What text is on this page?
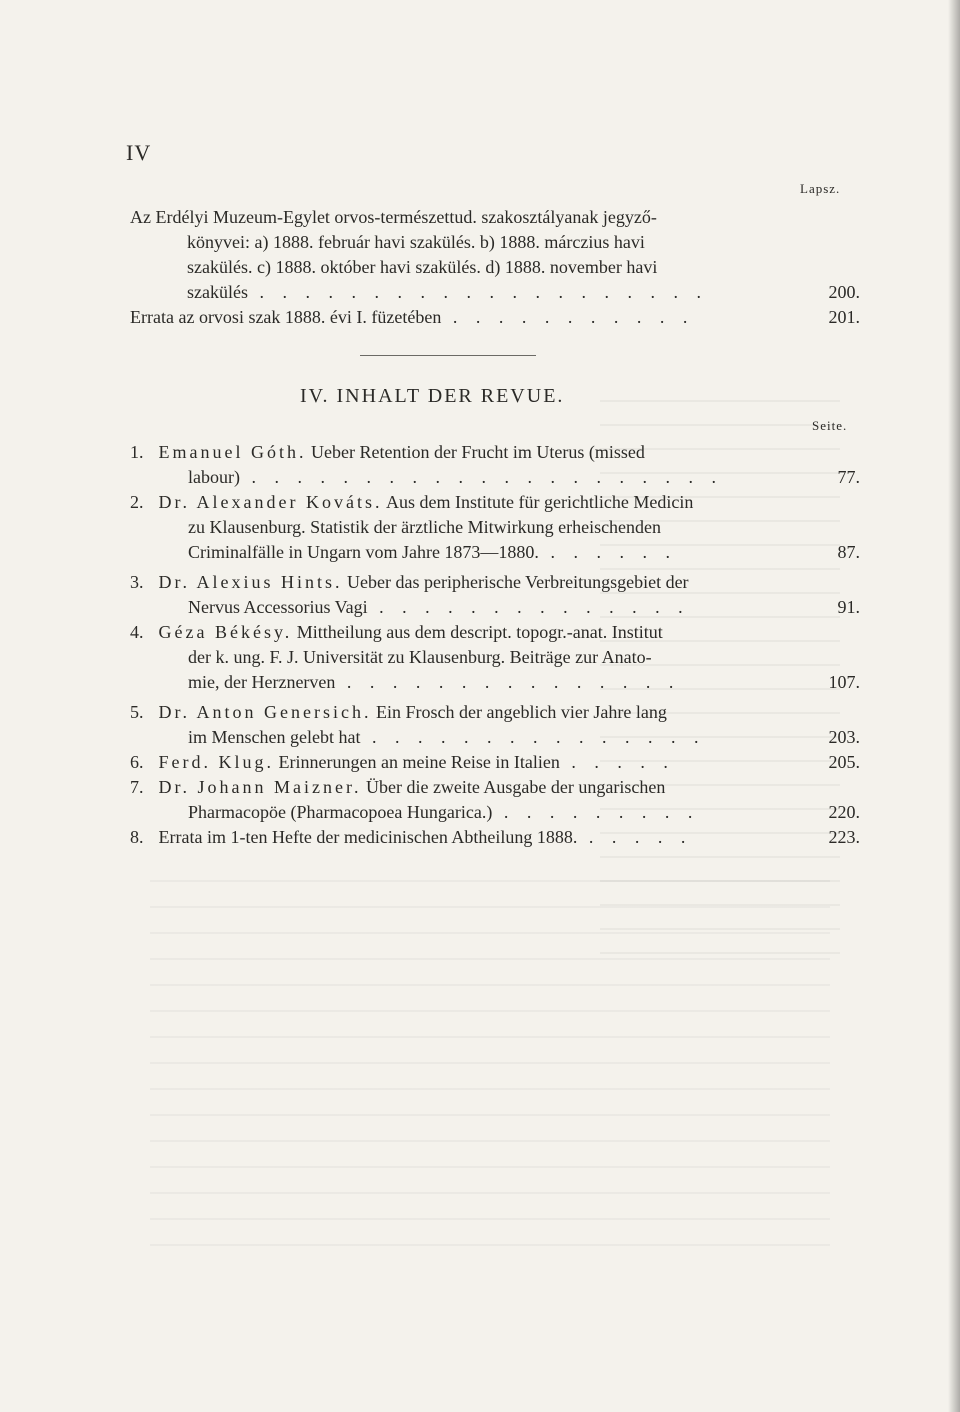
IV
Lapsz.
Az Erdélyi Muzeum-Egylet orvos-természettud. szakosztályanak jegyző-
könyvei: a) 1888. február havi szakülés. b) 1888. márczius havi
szakülés. c) 1888. október havi szakülés. d) 1888. november havi
szakülés . . . . . . . . . . . . . . . . . . . .	200.
Errata az orvosi szak 1888. évi I. füzetében . . . . . . . . . . .	201.
IV. INHALT DER REVUE.
Seite.
1. Emanuel Góth. Ueber Retention der Frucht im Uterus (missed
labour) . . . . . . . . . . . . . . . . . . . . .	77.
2. Dr. Alexander Kováts. Aus dem Institute für gerichtliche Medicin
zu Klausenburg. Statistik der ärztliche Mitwirkung erheischenden
Criminalfälle in Ungarn vom Jahre 1873—1880. . . . . . .	87.
3. Dr. Alexius Hints. Ueber das peripherische Verbreitungsgebiet der
Nervus Accessorius Vagi . . . . . . . . . . . . . .	91.
4. Géza Békésy. Mittheilung aus dem descript. topogr.-anat. Institut
der k. ung. F. J. Universität zu Klausenburg. Beiträge zur Anato-
mie, der Herznerven . . . . . . . . . . . . . . .	107.
5. Dr. Anton Genersich. Ein Frosch der angeblich vier Jahre lang
im Menschen gelebt hat . . . . . . . . . . . . . . .	203.
6. Ferd. Klug. Erinnerungen an meine Reise in Italien . . . . .	205.
7. Dr. Johann Maizner. Über die zweite Ausgabe der ungarischen
Pharmacopöe (Pharmacopoea Hungarica.) . . . . . . . . .	220.
8. Errata im 1-ten Hefte der medicinischen Abtheilung 1888. . . . . .	223.
